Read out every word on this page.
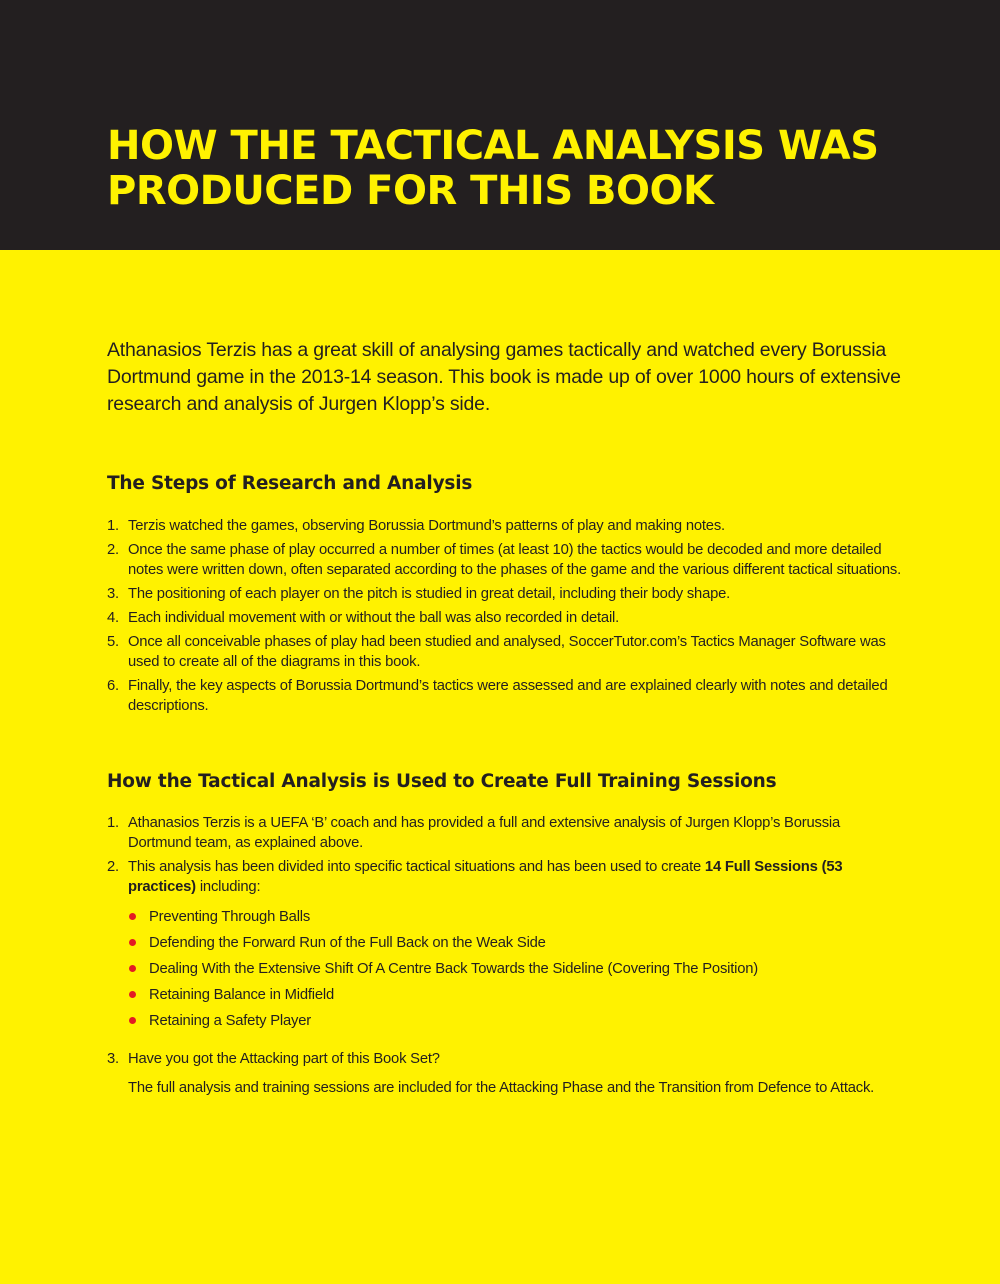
HOW THE TACTICAL ANALYSIS WAS PRODUCED FOR THIS BOOK

Athanasios Terzis has a great skill of analysing games tactically and watched every Borussia Dortmund game in the 2013-14 season. This book is made up of over 1000 hours of extensive research and analysis of Jurgen Klopp’s side.

The Steps of Research and Analysis
1. Terzis watched the games, observing Borussia Dortmund’s patterns of play and making notes.
2. Once the same phase of play occurred a number of times (at least 10) the tactics would be decoded and more detailed notes were written down, often separated according to the phases of the game and the various different tactical situations.
3. The positioning of each player on the pitch is studied in great detail, including their body shape.
4. Each individual movement with or without the ball was also recorded in detail.
5. Once all conceivable phases of play had been studied and analysed, SoccerTutor.com’s Tactics Manager Software was used to create all of the diagrams in this book.
6. Finally, the key aspects of Borussia Dortmund’s tactics were assessed and are explained clearly with notes and detailed descriptions.
How the Tactical Analysis is Used to Create Full Training Sessions
1. Athanasios Terzis is a UEFA ‘B’ coach and has provided a full and extensive analysis of Jurgen Klopp’s Borussia Dortmund team, as explained above.
2. This analysis has been divided into specific tactical situations and has been used to create 14 Full Sessions (53 practices) including:
Preventing Through Balls
Defending the Forward Run of the Full Back on the Weak Side
Dealing With the Extensive Shift Of A Centre Back Towards the Sideline (Covering The Position)
Retaining Balance in Midfield
Retaining a Safety Player
3. Have you got the Attacking part of this Book Set?
The full analysis and training sessions are included for the Attacking Phase and the Transition from Defence to Attack.
